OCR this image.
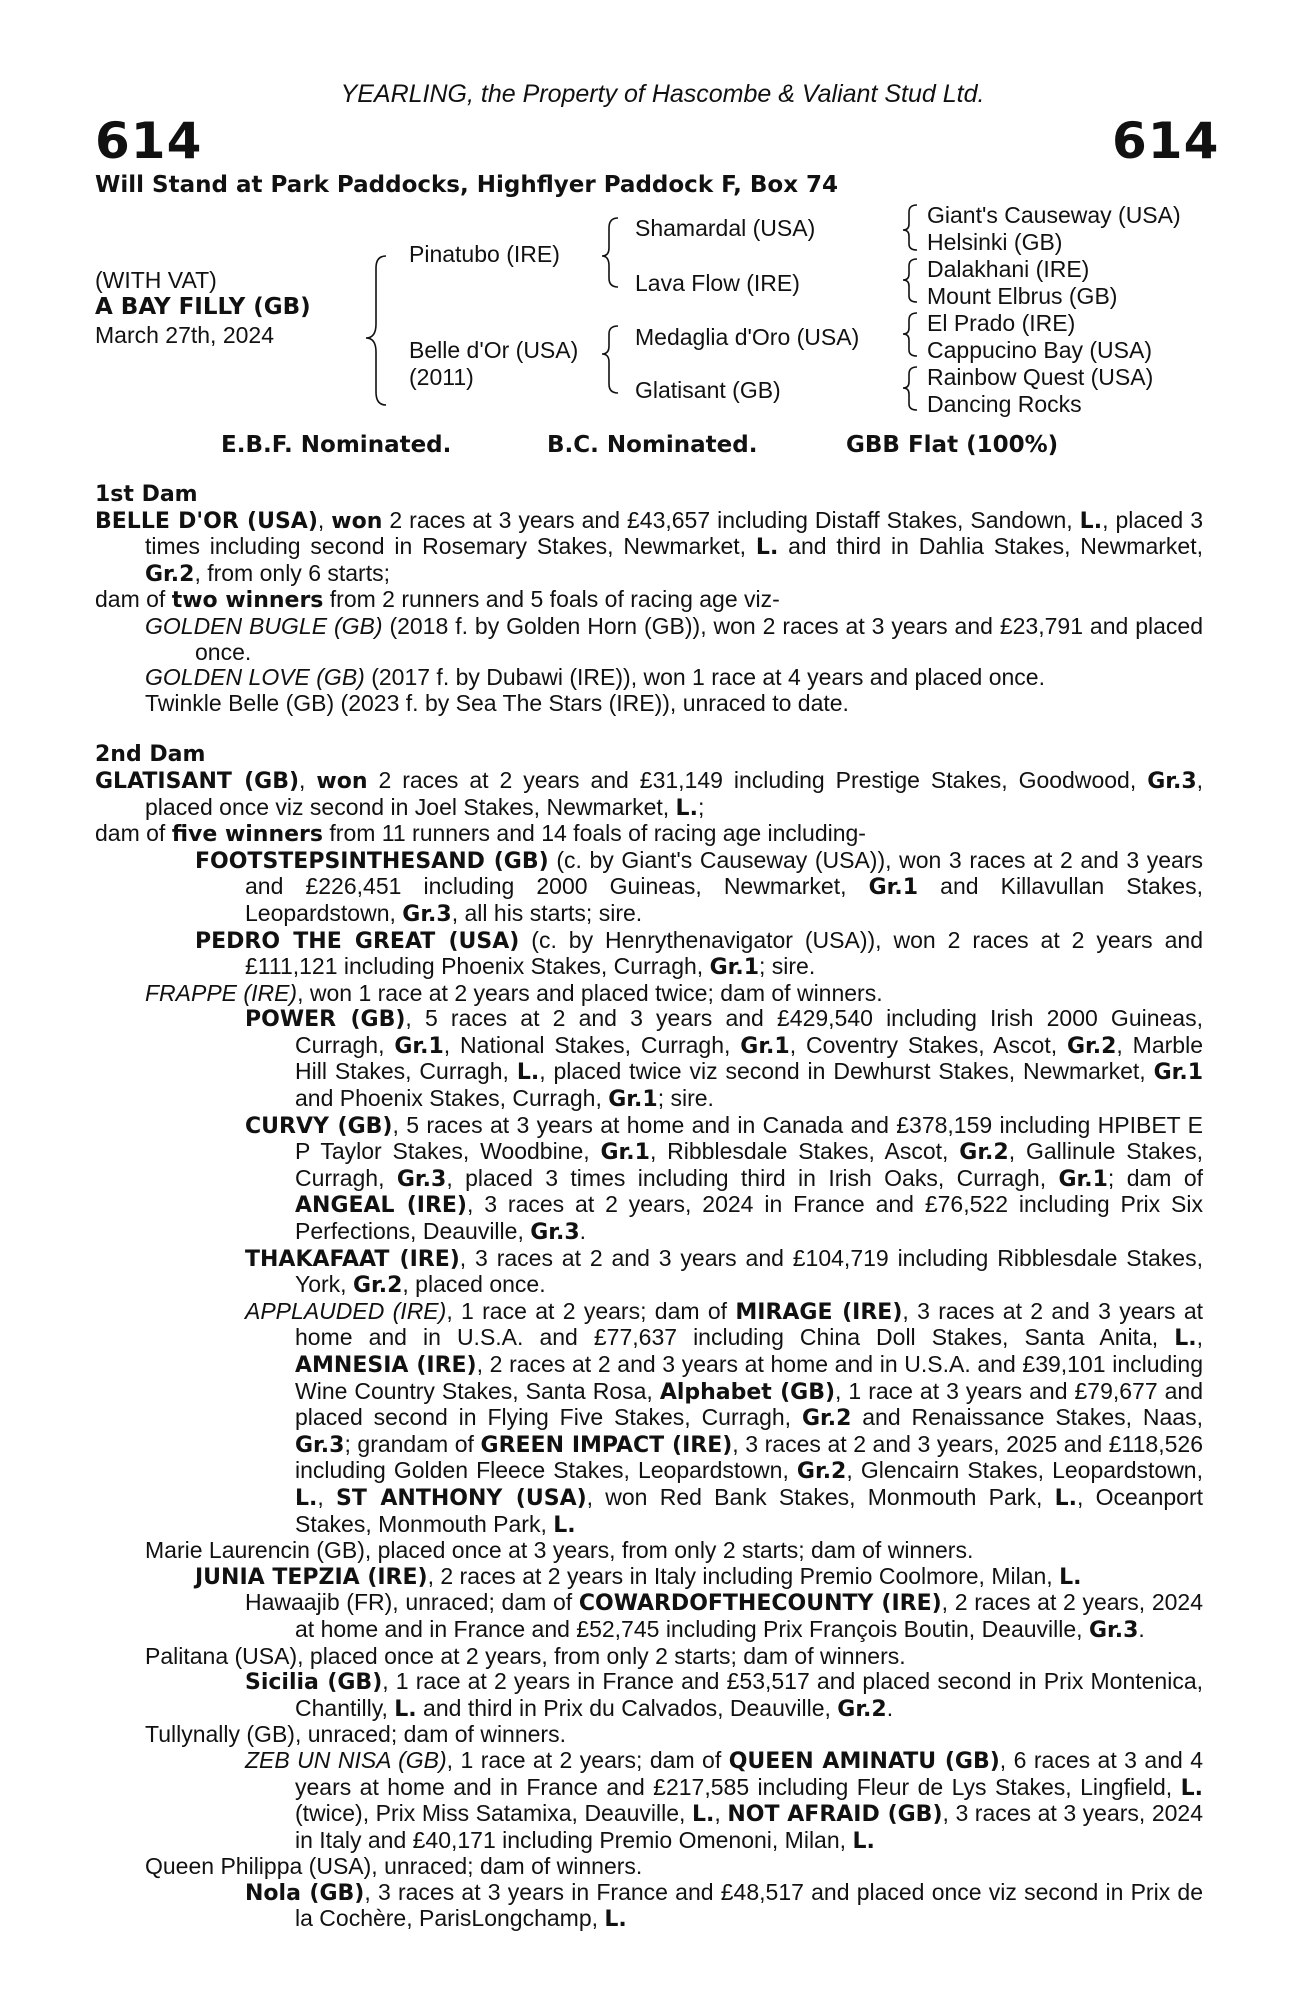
YEARLING, the Property of Hascombe & Valiant Stud Ltd.
614	614
Will Stand at Park Paddocks, Highflyer Paddock F, Box 74
(WITH VAT)
A BAY FILLY (GB)
March 27th, 2024
Pinatubo (IRE)
Belle d'Or (USA)
(2011)
Shamardal (USA)
Lava Flow (IRE)
Medaglia d'Oro (USA)
Glatisant (GB)
Giant's Causeway (USA)
Helsinki (GB)
Dalakhani (IRE)
Mount Elbrus (GB)
El Prado (IRE)
Cappucino Bay (USA)
Rainbow Quest (USA)
Dancing Rocks
E.B.F. Nominated.	B.C. Nominated.	GBB Flat (100%)
1st Dam
BELLE D'OR (USA), won 2 races at 3 years and £43,657 including Distaff Stakes, Sandown, L., placed 3 times including second in Rosemary Stakes, Newmarket, L. and third in Dahlia Stakes, Newmarket, Gr.2, from only 6 starts;
dam of two winners from 2 runners and 5 foals of racing age viz-
GOLDEN BUGLE (GB) (2018 f. by Golden Horn (GB)), won 2 races at 3 years and £23,791 and placed once.
GOLDEN LOVE (GB) (2017 f. by Dubawi (IRE)), won 1 race at 4 years and placed once.
Twinkle Belle (GB) (2023 f. by Sea The Stars (IRE)), unraced to date.
2nd Dam
GLATISANT (GB), won 2 races at 2 years and £31,149 including Prestige Stakes, Goodwood, Gr.3, placed once viz second in Joel Stakes, Newmarket, L.;
dam of five winners from 11 runners and 14 foals of racing age including-
FOOTSTEPSINTHESAND (GB) (c. by Giant's Causeway (USA)), won 3 races at 2 and 3 years and £226,451 including 2000 Guineas, Newmarket, Gr.1 and Killavullan Stakes, Leopardstown, Gr.3, all his starts; sire.
PEDRO THE GREAT (USA) (c. by Henrythenavigator (USA)), won 2 races at 2 years and £111,121 including Phoenix Stakes, Curragh, Gr.1; sire.
FRAPPE (IRE), won 1 race at 2 years and placed twice; dam of winners.
POWER (GB), 5 races at 2 and 3 years and £429,540 including Irish 2000 Guineas, Curragh, Gr.1, National Stakes, Curragh, Gr.1, Coventry Stakes, Ascot, Gr.2, Marble Hill Stakes, Curragh, L., placed twice viz second in Dewhurst Stakes, Newmarket, Gr.1 and Phoenix Stakes, Curragh, Gr.1; sire.
CURVY (GB), 5 races at 3 years at home and in Canada and £378,159 including HPIBET E P Taylor Stakes, Woodbine, Gr.1, Ribblesdale Stakes, Ascot, Gr.2, Gallinule Stakes, Curragh, Gr.3, placed 3 times including third in Irish Oaks, Curragh, Gr.1; dam of ANGEAL (IRE), 3 races at 2 years, 2024 in France and £76,522 including Prix Six Perfections, Deauville, Gr.3.
THAKAFAAT (IRE), 3 races at 2 and 3 years and £104,719 including Ribblesdale Stakes, York, Gr.2, placed once.
APPLAUDED (IRE), 1 race at 2 years; dam of MIRAGE (IRE), 3 races at 2 and 3 years at home and in U.S.A. and £77,637 including China Doll Stakes, Santa Anita, L., AMNESIA (IRE), 2 races at 2 and 3 years at home and in U.S.A. and £39,101 including Wine Country Stakes, Santa Rosa, Alphabet (GB), 1 race at 3 years and £79,677 and placed second in Flying Five Stakes, Curragh, Gr.2 and Renaissance Stakes, Naas, Gr.3; grandam of GREEN IMPACT (IRE), 3 races at 2 and 3 years, 2025 and £118,526 including Golden Fleece Stakes, Leopardstown, Gr.2, Glencairn Stakes, Leopardstown, L., ST ANTHONY (USA), won Red Bank Stakes, Monmouth Park, L., Oceanport Stakes, Monmouth Park, L.
Marie Laurencin (GB), placed once at 3 years, from only 2 starts; dam of winners.
JUNIA TEPZIA (IRE), 2 races at 2 years in Italy including Premio Coolmore, Milan, L.
Hawaajib (FR), unraced; dam of COWARDOFTHECOUNTY (IRE), 2 races at 2 years, 2024 at home and in France and £52,745 including Prix François Boutin, Deauville, Gr.3.
Palitana (USA), placed once at 2 years, from only 2 starts; dam of winners.
Sicilia (GB), 1 race at 2 years in France and £53,517 and placed second in Prix Montenica, Chantilly, L. and third in Prix du Calvados, Deauville, Gr.2.
Tullynally (GB), unraced; dam of winners.
ZEB UN NISA (GB), 1 race at 2 years; dam of QUEEN AMINATU (GB), 6 races at 3 and 4 years at home and in France and £217,585 including Fleur de Lys Stakes, Lingfield, L. (twice), Prix Miss Satamixa, Deauville, L., NOT AFRAID (GB), 3 races at 3 years, 2024 in Italy and £40,171 including Premio Omenoni, Milan, L.
Queen Philippa (USA), unraced; dam of winners.
Nola (GB), 3 races at 3 years in France and £48,517 and placed once viz second in Prix de la Cochère, ParisLongchamp, L.
